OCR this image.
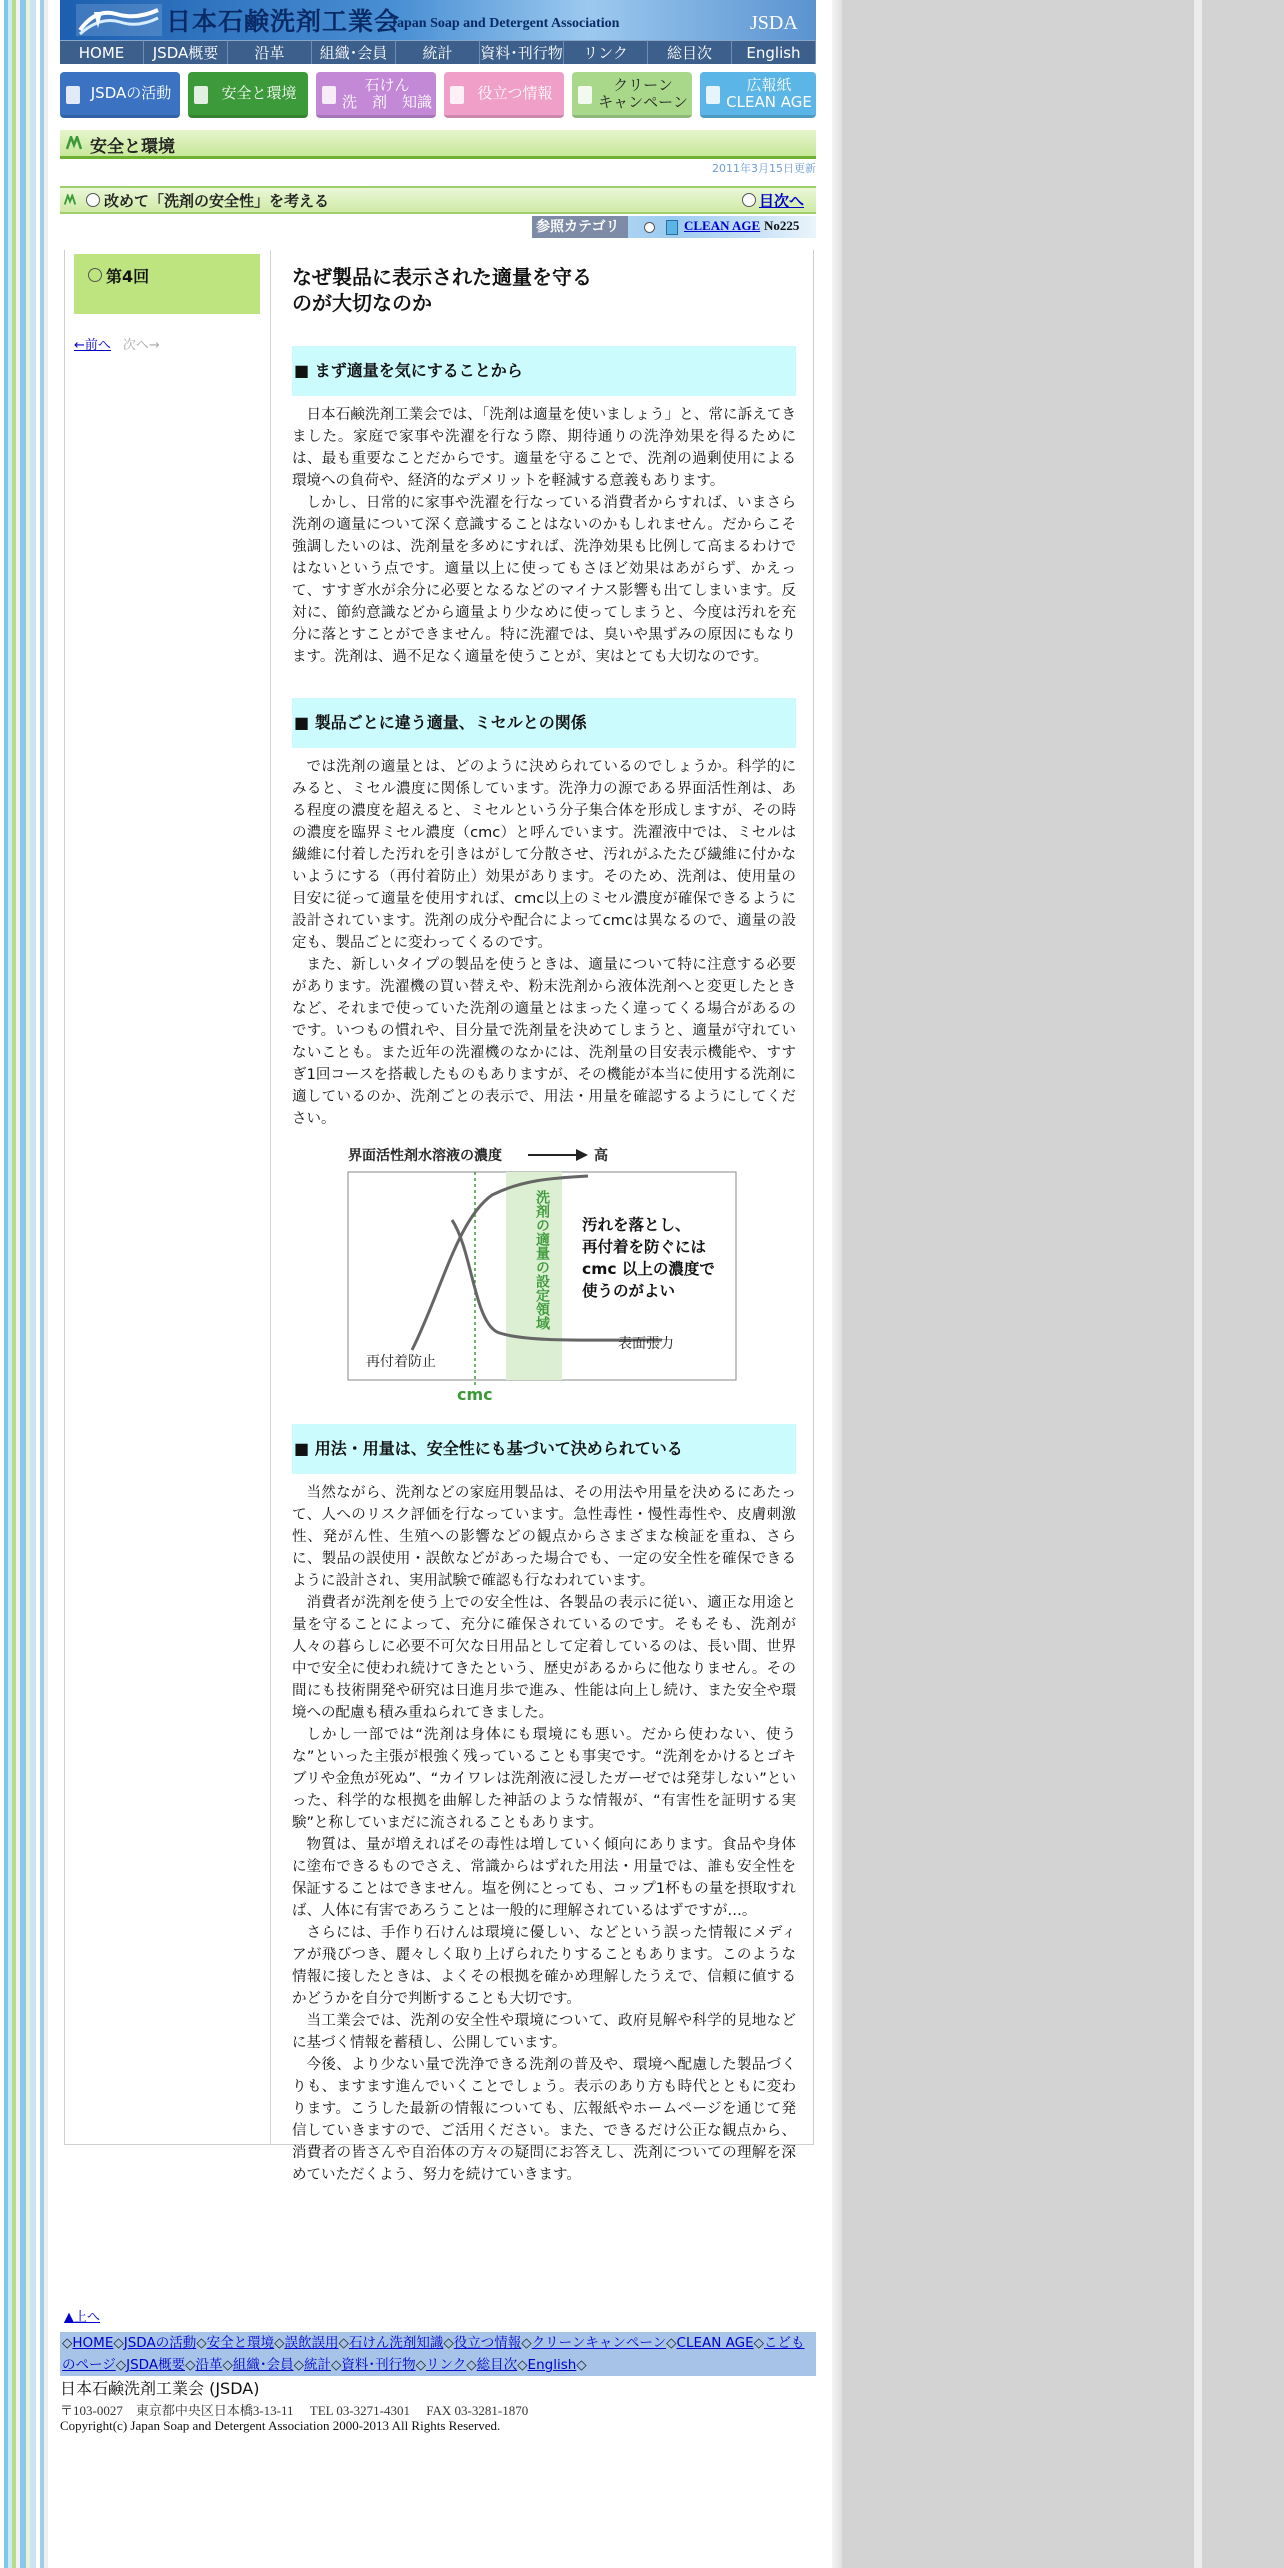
日本石鹸洗剤工業会
Japan Soap and Detergent Association	JSDA
HOME	JSDA概要	沿革	組織･会員	統計	資料･刊行物	リンク	総目次	English
JSDAの活動	安全と環境	石けん
洗　剤　知識	役立つ情報	クリーン
キャンペーン
広報紙
CLEAN AGE
安全と環境
2011年3月15日更新
改めて「洗剤の安全性」を考える	目次へ
参照カテゴリ＞
CLEAN AGE No225
第4回
←前へ 次へ→
なぜ製品に表示された適量を守る
のが大切なのか
■ まず適量を気にすることから
日本石鹸洗剤工業会では、「洗剤は適量を使いましょう」と、常に訴えてきました。家庭で家事や洗濯を行なう際、期待通りの洗浄効果を得るためには、最も重要なことだからです。適量を守ることで、洗剤の過剰使用による環境への負荷や、経済的なデメリットを軽減する意義もあります。
しかし、日常的に家事や洗濯を行なっている消費者からすれば、いまさら洗剤の適量について深く意識することはないのかもしれません。だからこそ強調したいのは、洗剤量を多めにすれば、洗浄効果も比例して高まるわけではないという点です。適量以上に使ってもさほど効果はあがらず、かえって、すすぎ水が余分に必要となるなどのマイナス影響も出てしまいます。反対に、節約意識などから適量より少なめに使ってしまうと、今度は汚れを充分に落とすことができません。特に洗濯では、臭いや黒ずみの原因にもなります。洗剤は、過不足なく適量を使うことが、実はとても大切なのです。
■ 製品ごとに違う適量、ミセルとの関係
では洗剤の適量とは、どのように決められているのでしょうか。科学的にみると、ミセル濃度に関係しています。洗浄力の源である界面活性剤は、ある程度の濃度を超えると、ミセルという分子集合体を形成しますが、その時の濃度を臨界ミセル濃度（cmc）と呼んでいます。洗濯液中では、ミセルは繊維に付着した汚れを引きはがして分散させ、汚れがふたたび繊維に付かないようにする（再付着防止）効果があります。そのため、洗剤は、使用量の目安に従って適量を使用すれば、cmc以上のミセル濃度が確保できるように設計されています。洗剤の成分や配合によってcmcは異なるので、適量の設定も、製品ごとに変わってくるのです。
また、新しいタイプの製品を使うときは、適量について特に注意する必要があります。洗濯機の買い替えや、粉末洗剤から液体洗剤へと変更したときなど、それまで使っていた洗剤の適量とはまったく違ってくる場合があるのです。いつもの慣れや、目分量で洗剤量を決めてしまうと、適量が守れていないことも。また近年の洗濯機のなかには、洗剤量の目安表示機能や、すすぎ1回コースを搭載したものもありますが、その機能が本当に使用する洗剤に適しているのか、洗剤ごとの表示で、用法・用量を確認するようにしてください。
界面活性剤水溶液の濃度	高
洗剤の適量の設定領域 汚れを落とし、 再付着を防ぐには cmc 以上の濃度で 使うのがよい
表面張力
再付着防止
cmc
■ 用法・用量は、安全性にも基づいて決められている
当然ながら、洗剤などの家庭用製品は、その用法や用量を決めるにあたって、人へのリスク評価を行なっています。急性毒性・慢性毒性や、皮膚刺激性、発がん性、生殖への影響などの観点からさまざまな検証を重ね、さらに、製品の誤使用・誤飲などがあった場合でも、一定の安全性を確保できるように設計され、実用試験で確認も行なわれています。
消費者が洗剤を使う上での安全性は、各製品の表示に従い、適正な用途と量を守ることによって、充分に確保されているのです。そもそも、洗剤が人々の暮らしに必要不可欠な日用品として定着しているのは、長い間、世界中で安全に使われ続けてきたという、歴史があるからに他なりません。その間にも技術開発や研究は日進月歩で進み、性能は向上し続け、また安全や環境への配慮も積み重ねられてきました。
しかし一部では“洗剤は身体にも環境にも悪い。だから使わない、使うな”といった主張が根強く残っていることも事実です。“洗剤をかけるとゴキブリや金魚が死ぬ”、“カイワレは洗剤液に浸したガーゼでは発芽しない”といった、科学的な根拠を曲解した神話のような情報が、“有害性を証明する実験”と称していまだに流されることもあります。
物質は、量が増えればその毒性は増していく傾向にあります。食品や身体に塗布できるものでさえ、常識からはずれた用法・用量では、誰も安全性を保証することはできません。塩を例にとっても、コップ1杯もの量を摂取すれば、人体に有害であろうことは一般的に理解されているはずですが…。
さらには、手作り石けんは環境に優しい、などという誤った情報にメディアが飛びつき、麗々しく取り上げられたりすることもあります。このような情報に接したときは、よくその根拠を確かめ理解したうえで、信頼に値するかどうかを自分で判断することも大切です。
当工業会では、洗剤の安全性や環境について、政府見解や科学的見地などに基づく情報を蓄積し、公開しています。
今後、より少ない量で洗浄できる洗剤の普及や、環境へ配慮した製品づくりも、ますます進んでいくことでしょう。表示のあり方も時代とともに変わります。こうした最新の情報についても、広報紙やホームページを通じて発信していきますので、ご活用ください。また、できるだけ公正な観点から、消費者の皆さんや自治体の方々の疑問にお答えし、洗剤についての理解を深めていただくよう、努力を続けていきます。
▲上へ
◇HOME◇JSDAの活動◇安全と環境◇誤飲誤用◇石けん洗剤知識◇役立つ情報◇クリーンキャンペーン◇CLEAN AGE◇こどものページ◇JSDA概要◇沿革◇組織･会員◇統計◇資料･刊行物◇リンク◇総目次◇English◇
日本石鹸洗剤工業会 (JSDA)
〒103-0027　東京都中央区日本橋3-13-11　 TEL 03-3271-4301　 FAX 03-3281-1870
Copyright(c) Japan Soap and Detergent Association 2000-2013 All Rights Reserved.
